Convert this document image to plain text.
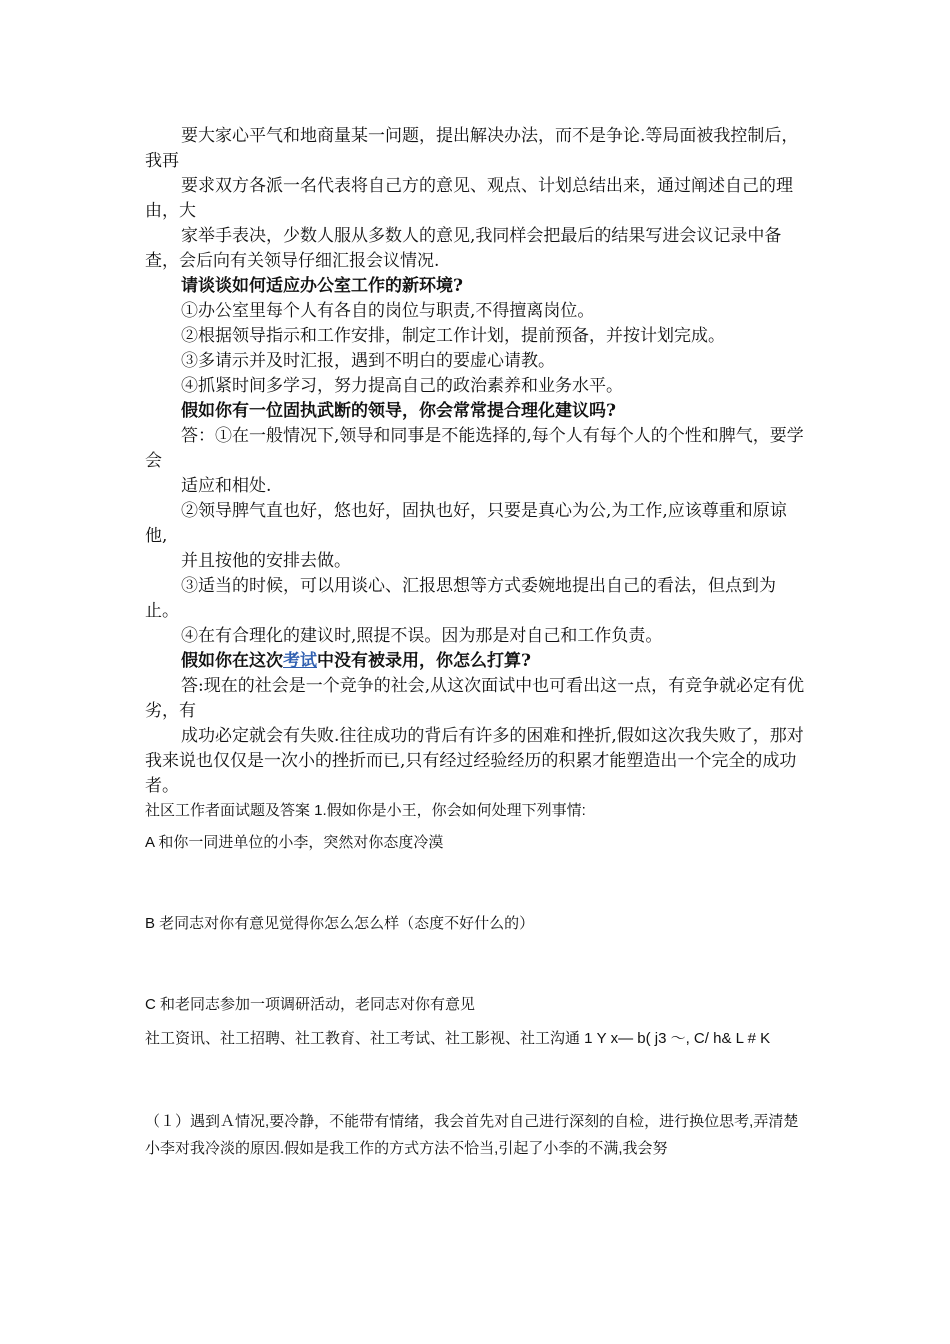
要大家心平气和地商量某一问题，提出解决办法，而不是争论.等局面被我控制后，我再

要求双方各派一名代表将自己方的意见、观点、计划总结出来，通过阐述自己的理由，大

家举手表决，少数人服从多数人的意见,我同样会把最后的结果写进会议记录中备查，会后向有关领导仔细汇报会议情况.

请谈谈如何适应办公室工作的新环境?

①办公室里每个人有各自的岗位与职责,不得擅离岗位。

②根据领导指示和工作安排，制定工作计划，提前预备，并按计划完成。

③多请示并及时汇报，遇到不明白的要虚心请教。

④抓紧时间多学习，努力提高自己的政治素养和业务水平。

假如你有一位固执武断的领导，你会常常提合理化建议吗?

答：①在一般情况下,领导和同事是不能选择的,每个人有每个人的个性和脾气，要学会

适应和相处.

②领导脾气直也好，悠也好，固执也好，只要是真心为公,为工作,应该尊重和原谅他,

并且按他的安排去做。

③适当的时候，可以用谈心、汇报思想等方式委婉地提出自己的看法，但点到为止。

④在有合理化的建议时,照提不误。因为那是对自己和工作负责。

假如你在这次考试中没有被录用，你怎么打算?

答:现在的社会是一个竞争的社会,从这次面试中也可看出这一点，有竞争就必定有优劣，有

成功必定就会有失败.往往成功的背后有许多的困难和挫折,假如这次我失败了，那对我来说也仅仅是一次小的挫折而已,只有经过经验经历的积累才能塑造出一个完全的成功者。

社区工作者面试题及答案 1.假如你是小王，你会如何处理下列事情:

A 和你一同进单位的小李，突然对你态度冷漠

B 老同志对你有意见觉得你怎么怎么样（态度不好什么的）

C 和老同志参加一项调研活动，老同志对你有意见

社工资讯、社工招聘、社工教育、社工考试、社工影视、社工沟通 1 Y x— b( j3 ～, C/ h& L # K

（１）遇到Ａ情况,要冷静，不能带有情绪，我会首先对自己进行深刻的自检，进行换位思考,弄清楚小李对我冷淡的原因.假如是我工作的方式方法不恰当,引起了小李的不满,我会努
